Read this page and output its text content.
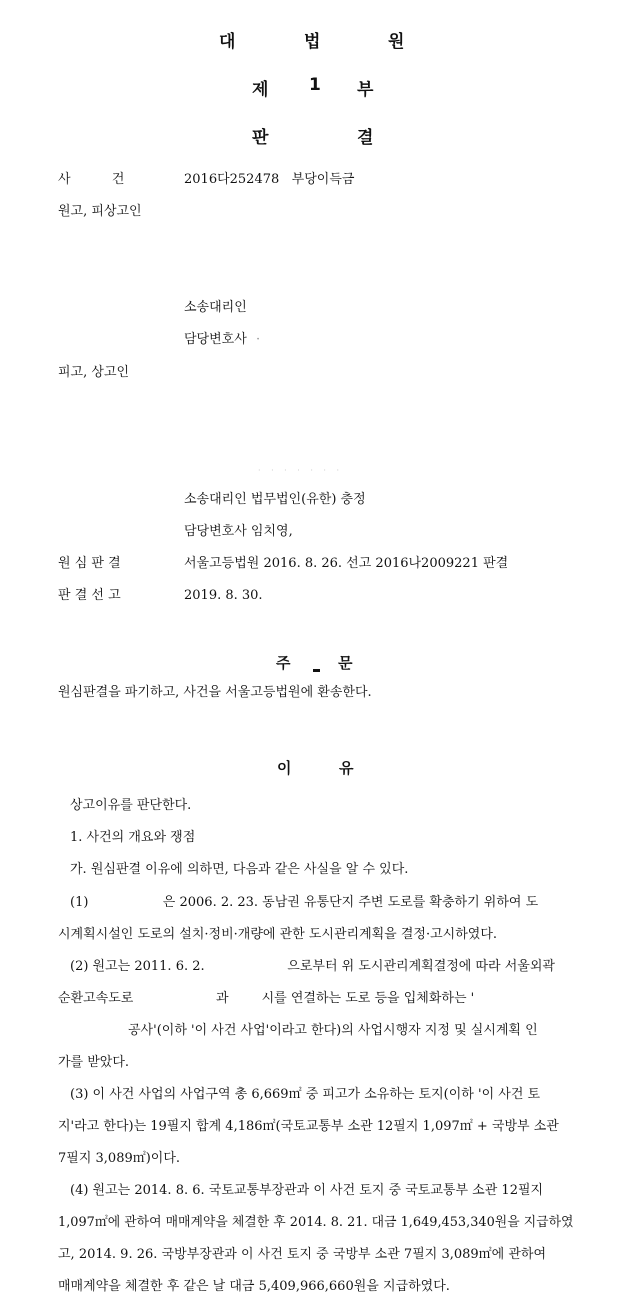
대	법	원
제 1 부
판	결
사          건	2016다252478   부당이득금
원고, 피상고인
소송대리인
담당변호사 ·
피고, 상고인
· · · · · · ·
소송대리인 법무법인(유한) 충정
담당변호사 임치영,
원 심 판 결	서울고등법원 2016. 8. 26. 선고 2016나2009221 판결
판 결 선 고	2019. 8. 30.
주	문
원심판결을 파기하고, 사건을 서울고등법원에 환송한다.
이	유
상고이유를 판단한다.
1. 사건의 개요와 쟁점
가. 원심판결 이유에 의하면, 다음과 같은 사실을 알 수 있다.
(1)                  은 2006. 2. 23. 동남권 유통단지 주변 도로를 확충하기 위하여 도
시계획시설인 도로의 설치·정비·개량에 관한 도시관리계획을 결정·고시하였다.
(2) 원고는 2011. 6. 2.                    으로부터 위 도시관리계획결정에 따라 서울외곽
순환고속도로                    과        시를 연결하는 도로 등을 입체화하는 '
공사'(이하 '이 사건 사업'이라고 한다)의 사업시행자 지정 및 실시계획 인
가를 받았다.
(3) 이 사건 사업의 사업구역 총 6,669㎡ 중 피고가 소유하는 토지(이하 '이 사건 토
지'라고 한다)는 19필지 합계 4,186㎡(국토교통부 소관 12필지 1,097㎡ + 국방부 소관
7필지 3,089㎡)이다.
(4) 원고는 2014. 8. 6. 국토교통부장관과 이 사건 토지 중 국토교통부 소관 12필지
1,097㎡에 관하여 매매계약을 체결한 후 2014. 8. 21. 대금 1,649,453,340원을 지급하였
고, 2014. 9. 26. 국방부장관과 이 사건 토지 중 국방부 소관 7필지 3,089㎡에 관하여
매매계약을 체결한 후 같은 날 대금 5,409,966,660원을 지급하였다.
